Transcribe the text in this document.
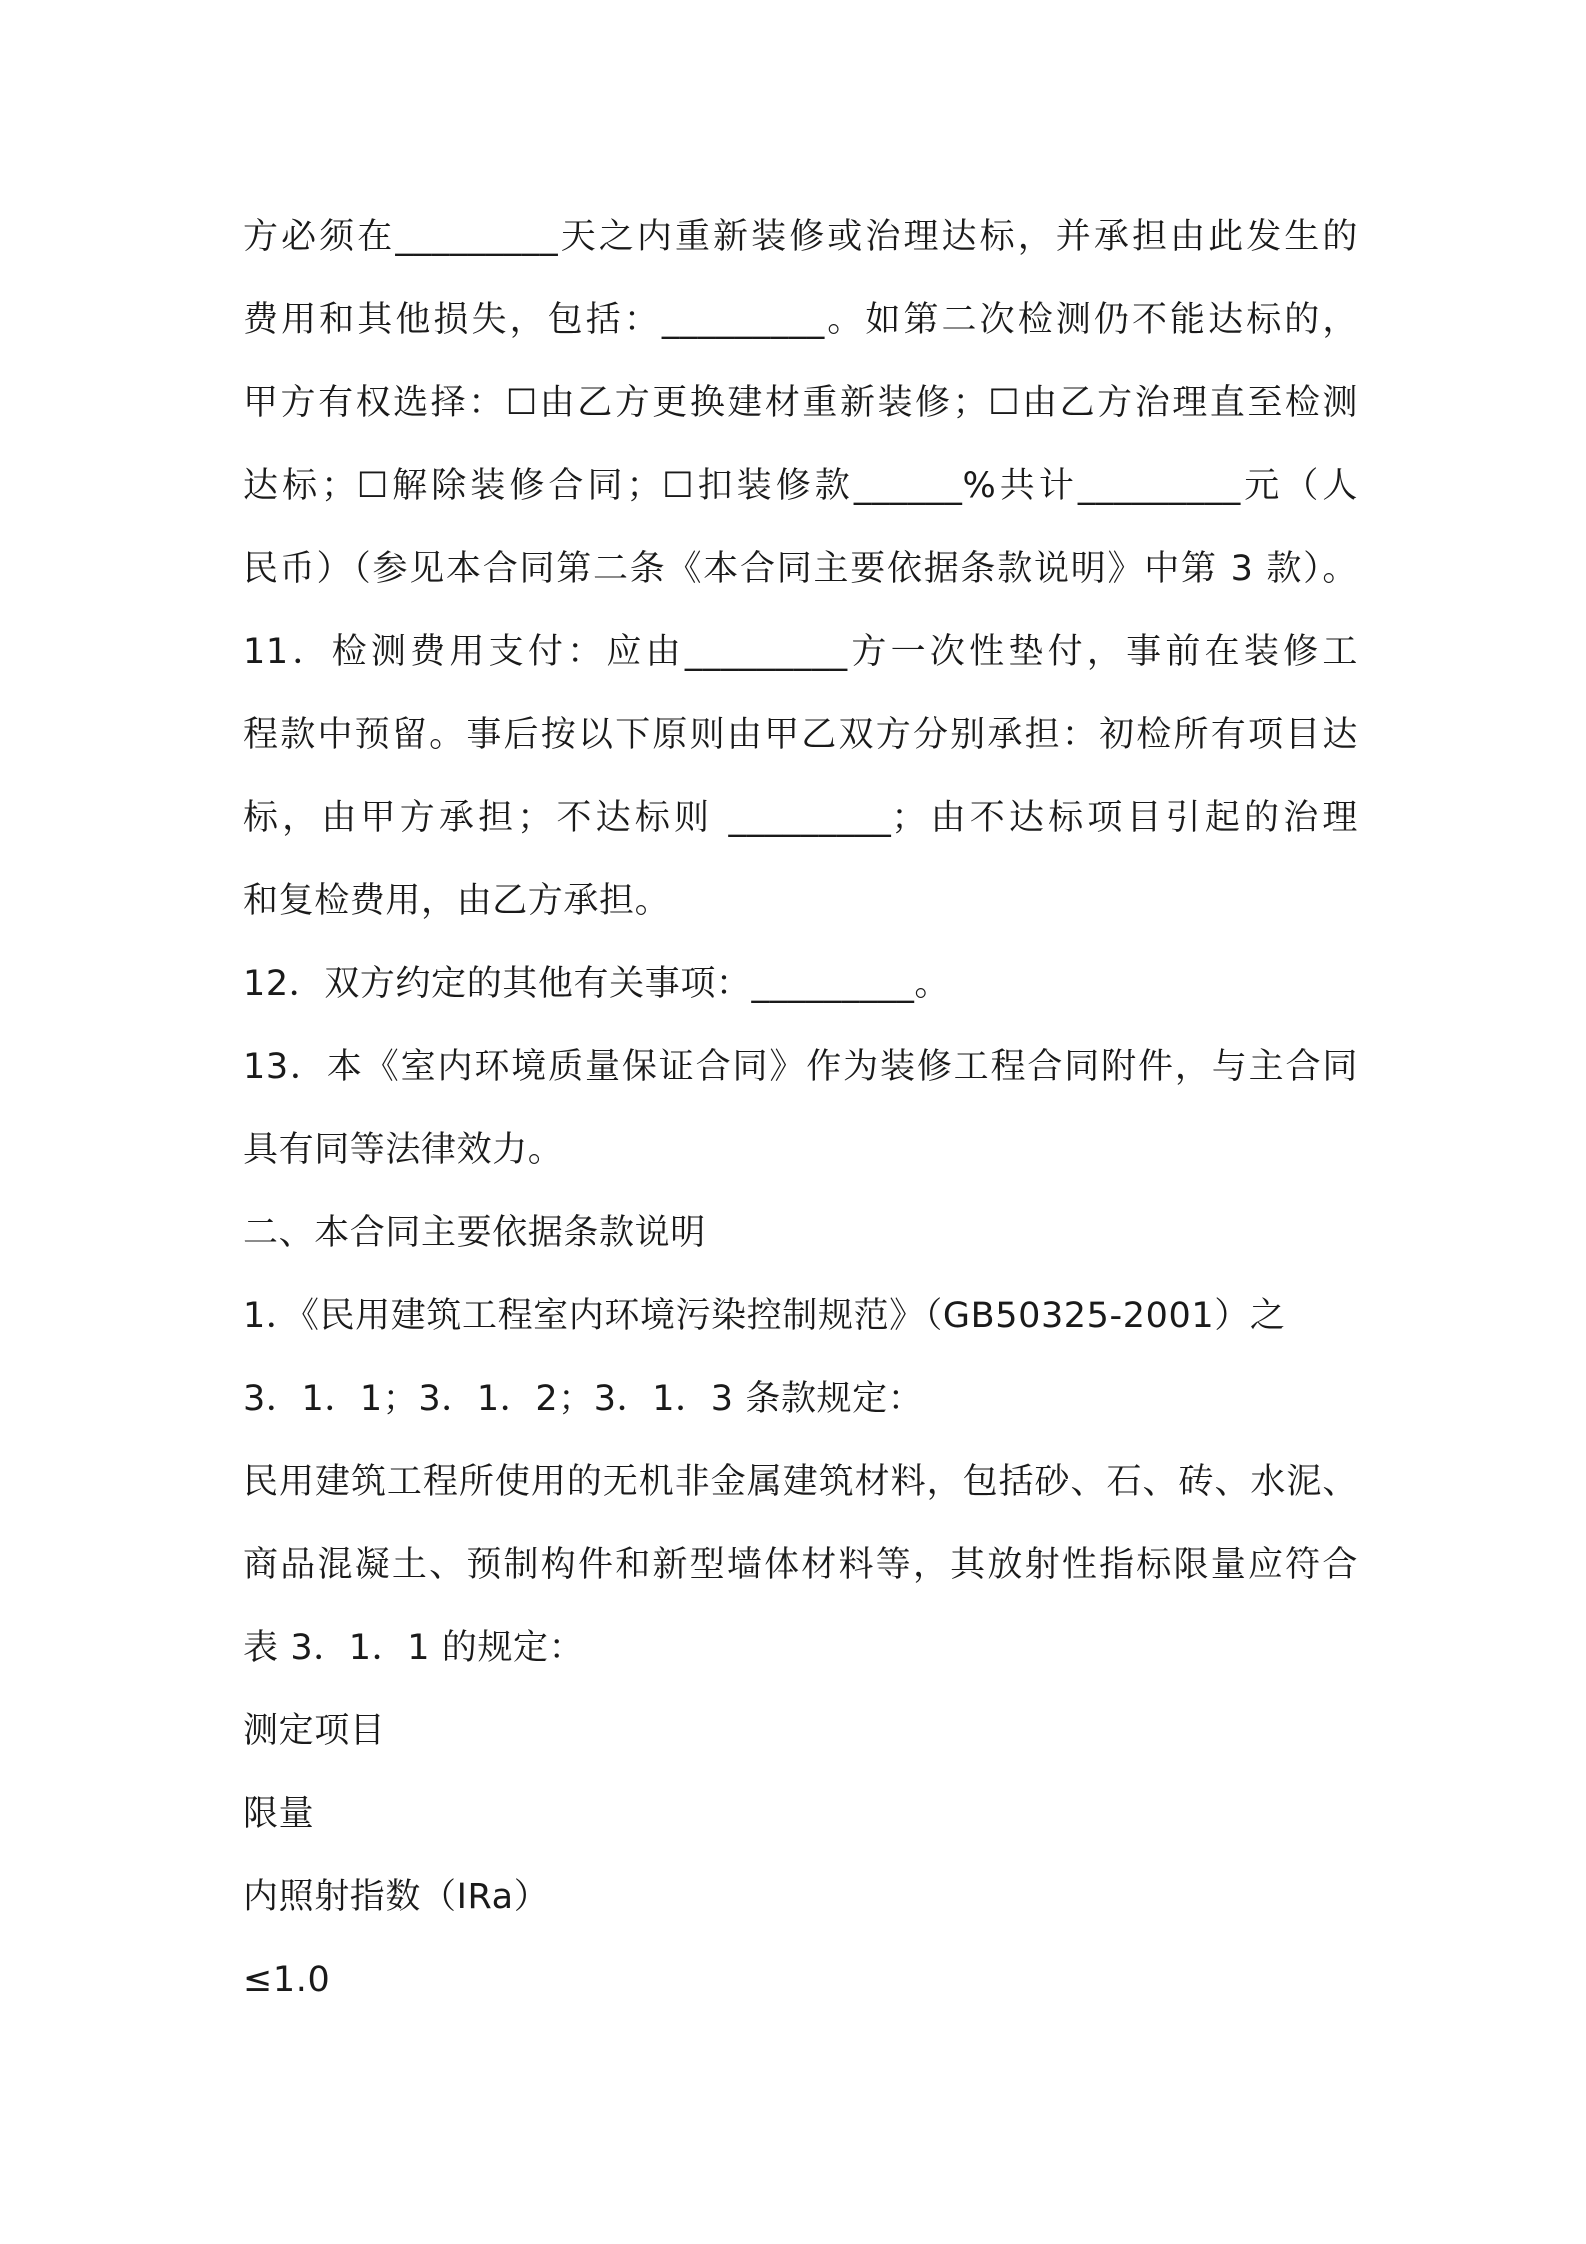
方必须在_________天之内重新装修或治理达标，并承担由此发生的
费用和其他损失，包括：_________。如第二次检测仍不能达标的，
甲方有权选择：☐由乙方更换建材重新装修；☐由乙方治理直至检测
达标；☐解除装修合同；☐扣装修款______%共计_________元（人
民币）（参见本合同第二条《本合同主要依据条款说明》中第 3 款）。
11．检测费用支付：应由_________方一次性垫付，事前在装修工
程款中预留。事后按以下原则由甲乙双方分别承担：初检所有项目达
标，由甲方承担；不达标则 _________；由不达标项目引起的治理
和复检费用，由乙方承担。
12．双方约定的其他有关事项：_________。
13．本《室内环境质量保证合同》作为装修工程合同附件，与主合同
具有同等法律效力。
二、本合同主要依据条款说明
1．《民用建筑工程室内环境污染控制规范》（GB50325-2001）之
3．1．1；3．1．2；3．1．3 条款规定：
民用建筑工程所使用的无机非金属建筑材料，包括砂、石、砖、水泥、
商品混凝土、预制构件和新型墙体材料等，其放射性指标限量应符合
表 3．1．1 的规定：
测定项目
限量
内照射指数（IRa）
≤1.0
